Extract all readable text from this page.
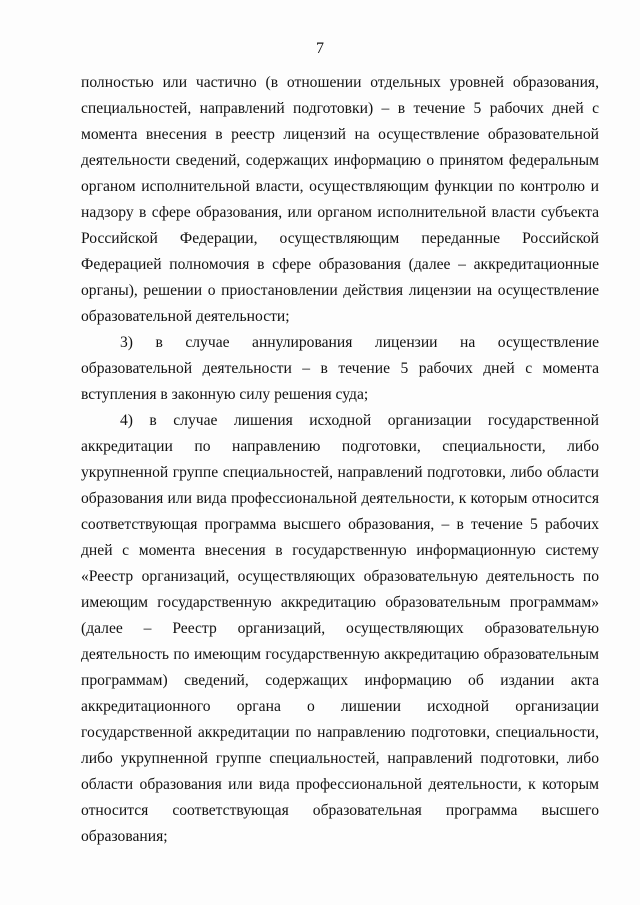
7

полностью или частично (в отношении отдельных уровней образования, специальностей, направлений подготовки) – в течение 5 рабочих дней с момента внесения в реестр лицензий на осуществление образовательной деятельности сведений, содержащих информацию о принятом федеральным органом исполнительной власти, осуществляющим функции по контролю и надзору в сфере образования, или органом исполнительной власти субъекта Российской Федерации, осуществляющим переданные Российской Федерацией полномочия в сфере образования (далее – аккредитационные органы), решении о приостановлении действия лицензии на осуществление образовательной деятельности;

3) в случае аннулирования лицензии на осуществление образовательной деятельности – в течение 5 рабочих дней с момента вступления в законную силу решения суда;

4) в случае лишения исходной организации государственной аккредитации по направлению подготовки, специальности, либо укрупненной группе специальностей, направлений подготовки, либо области образования или вида профессиональной деятельности, к которым относится соответствующая программа высшего образования, – в течение 5 рабочих дней с момента внесения в государственную информационную систему «Реестр организаций, осуществляющих образовательную деятельность по имеющим государственную аккредитацию образовательным программам» (далее – Реестр организаций, осуществляющих образовательную деятельность по имеющим государственную аккредитацию образовательным программам) сведений, содержащих информацию об издании акта аккредитационного органа о лишении исходной организации государственной аккредитации по направлению подготовки, специальности, либо укрупненной группе специальностей, направлений подготовки, либо области образования или вида профессиональной деятельности, к которым относится соответствующая образовательная программа высшего образования;
